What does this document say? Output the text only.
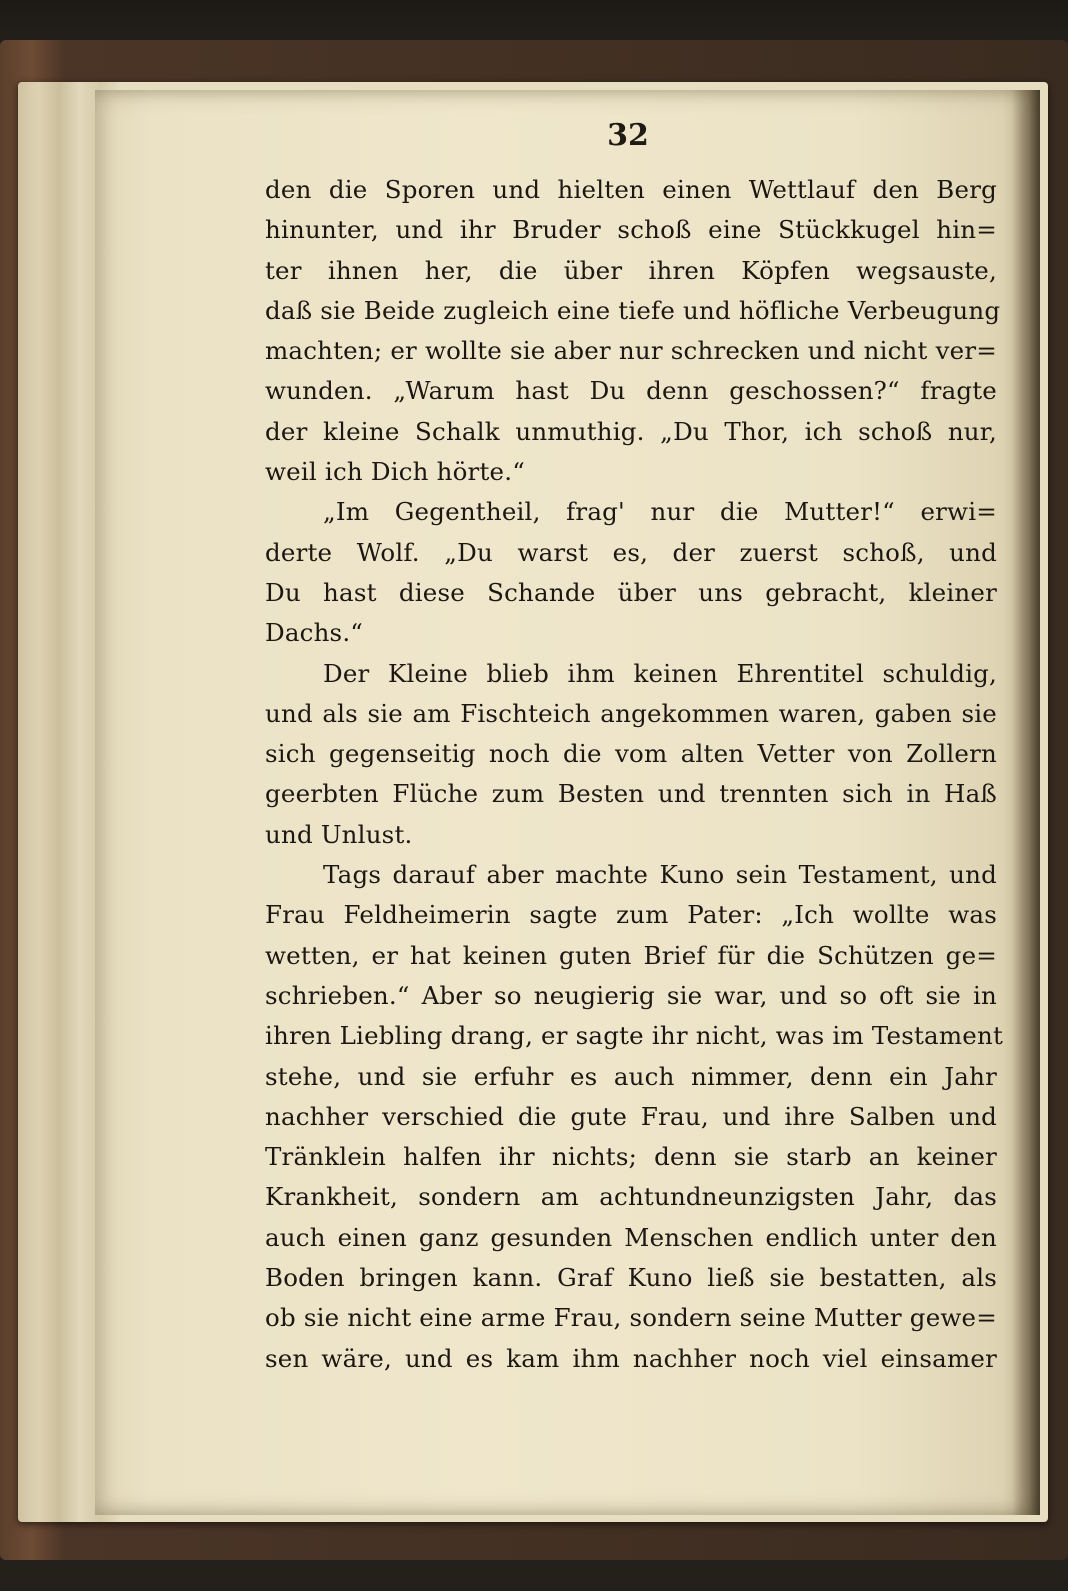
32
den die Sporen und hielten einen Wettlauf den Berg
hinunter, und ihr Bruder schoß eine Stückkugel hin=
ter ihnen her, die über ihren Köpfen wegsauste,
daß sie Beide zugleich eine tiefe und höfliche Verbeugung
machten; er wollte sie aber nur schrecken und nicht ver=
wunden. „Warum hast Du denn geschossen?“ fragte
der kleine Schalk unmuthig. „Du Thor, ich schoß nur,
weil ich Dich hörte.“
„Im Gegentheil, frag' nur die Mutter!“ erwi=
derte Wolf. „Du warst es, der zuerst schoß, und
Du hast diese Schande über uns gebracht, kleiner
Dachs.“
Der Kleine blieb ihm keinen Ehrentitel schuldig,
und als sie am Fischteich angekommen waren, gaben sie
sich gegenseitig noch die vom alten Vetter von Zollern
geerbten Flüche zum Besten und trennten sich in Haß
und Unlust.
Tags darauf aber machte Kuno sein Testament, und
Frau Feldheimerin sagte zum Pater: „Ich wollte was
wetten, er hat keinen guten Brief für die Schützen ge=
schrieben.“ Aber so neugierig sie war, und so oft sie in
ihren Liebling drang, er sagte ihr nicht, was im Testament
stehe, und sie erfuhr es auch nimmer, denn ein Jahr
nachher verschied die gute Frau, und ihre Salben und
Tränklein halfen ihr nichts; denn sie starb an keiner
Krankheit, sondern am achtundneunzigsten Jahr, das
auch einen ganz gesunden Menschen endlich unter den
Boden bringen kann. Graf Kuno ließ sie bestatten, als
ob sie nicht eine arme Frau, sondern seine Mutter gewe=
sen wäre, und es kam ihm nachher noch viel einsamer
